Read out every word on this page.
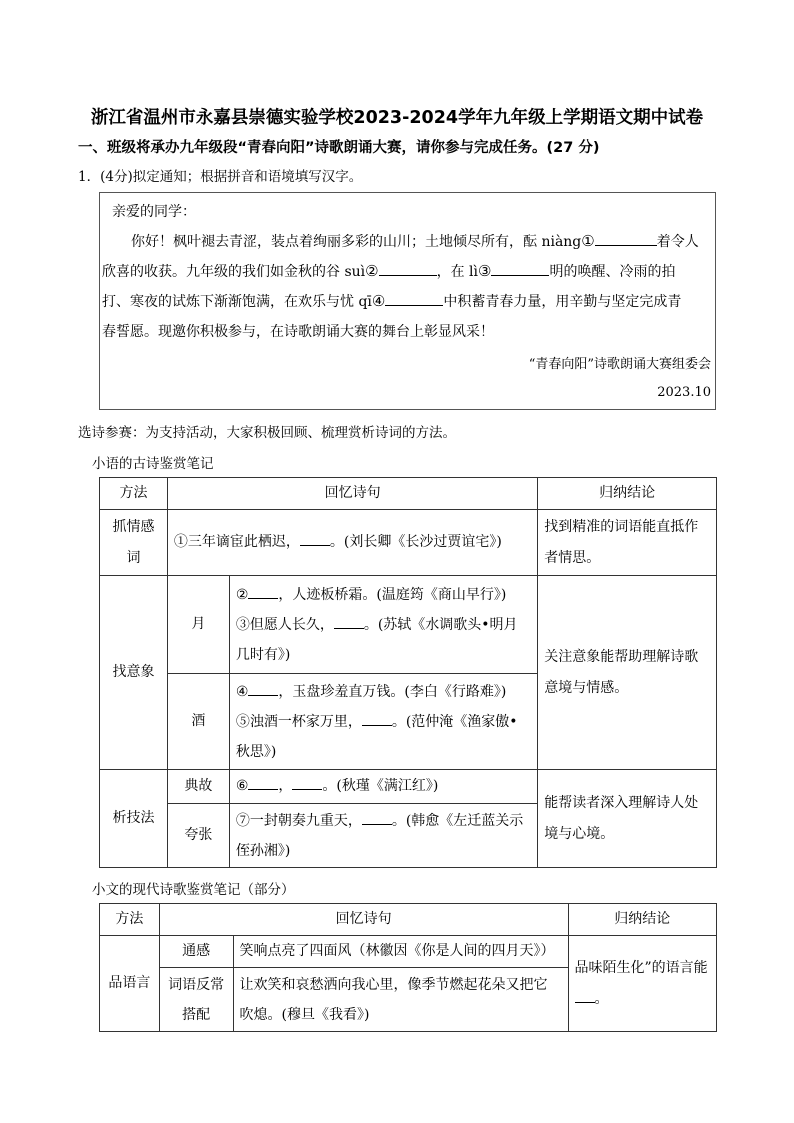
浙江省温州市永嘉县崇德实验学校2023-2024学年九年级上学期语文期中试卷
一、班级将承办九年级段“青春向阳”诗歌朗诵大赛，请你参与完成任务。(27 分)
1．(4分)拟定通知；根据拼音和语境填写汉字。
亲爱的同学：
你好！枫叶褪去青涩，装点着绚丽多彩的山川；土地倾尽所有，酝 niàng①	着令人
欣喜的收获。九年级的我们如金秋的谷 suì②	，在 lì③	明的唤醒、冷雨的拍
打、寒夜的试炼下渐渐饱满，在欢乐与忧 qī④	中积蓄青春力量，用辛勤与坚定完成青
春誓愿。现邀你积极参与，在诗歌朗诵大赛的舞台上彰显风采！
“青春向阳”诗歌朗诵大赛组委会
2023.10
选诗参赛：为支持活动，大家积极回顾、梳理赏析诗词的方法。
小语的古诗鉴赏笔记
方法	回忆诗句		归纳结论
抓情感词	①三年谪宦此栖迟， 。(刘长卿《长沙过贾谊宅》)		找到精准的词语能直抵作者情思。
找意象	月	② ，人迹板桥霜。(温庭筠《商山早行》)
③但愿人长久， 。(苏轼《水调歌头•明月几时有》)	关注意象能帮助理解诗歌意境与情感。
	酒	④ ，玉盘珍羞直万钱。(李白《行路难》)
⑤浊酒一杯家万里， 。(范仲淹《渔家傲•秋思》)	
析技法	典故	⑥ ， 。(秋瑾《满江红》)	能帮读者深入理解诗人处境与心境。
	夸张	⑦一封朝奏九重天， 。(韩愈《左迁蓝关示侄孙湘》)	
小文的现代诗歌鉴赏笔记（部分）
方法	回忆诗句		归纳结论
品语言	通感	笑响点亮了四面风（林徽因《你是人间的四月天》）	品味陌生化”的语言能
。
	词语反常搭配	让欢笑和哀愁洒向我心里，像季节燃起花朵又把它吹熄。(穆旦《我看》)	
